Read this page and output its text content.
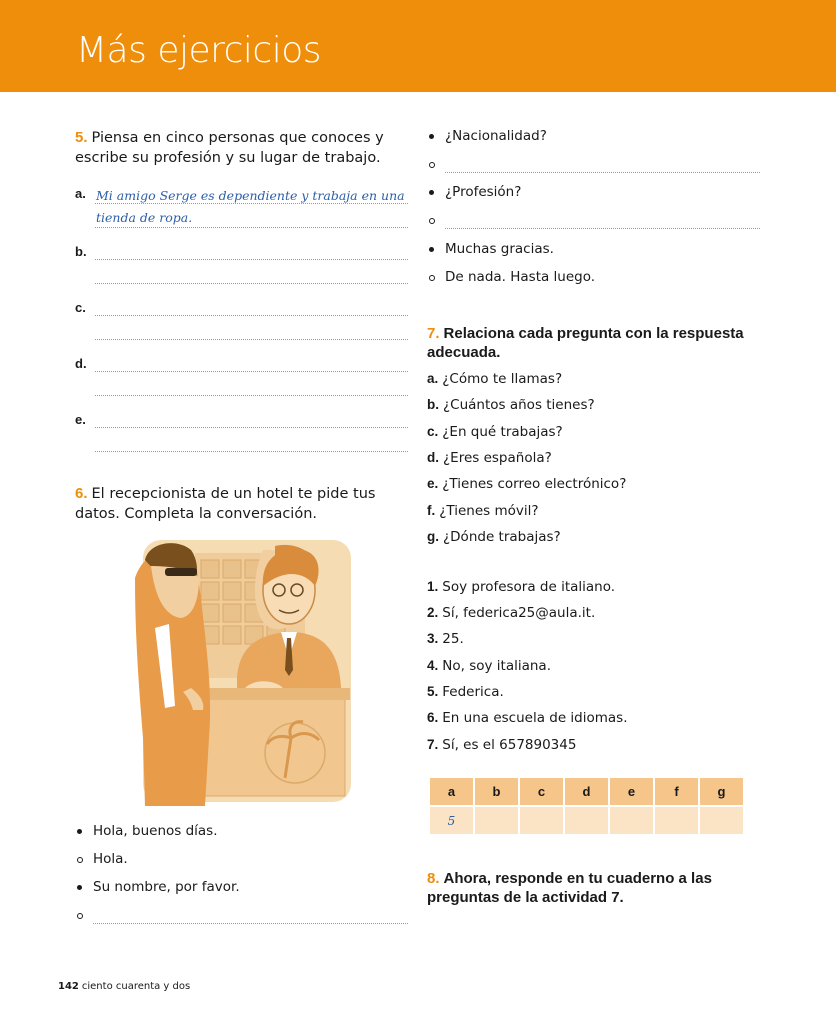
Más ejercicios

5. Piensa en cinco personas que conoces y escribe su profesión y su lugar de trabajo.

a. Mi amigo Serge es dependiente y trabaja en una tienda de ropa.
b.
c.
d.
e.

6. El recepcionista de un hotel te pide tus datos. Completa la conversación.

Hola, buenos días.
Hola.
Su nombre, por favor.
¿Nacionalidad?
¿Profesión?
Muchas gracias.
De nada. Hasta luego.

7. Relaciona cada pregunta con la respuesta adecuada.

a. ¿Cómo te llamas?
b. ¿Cuántos años tienes?
c. ¿En qué trabajas?
d. ¿Eres española?
e. ¿Tienes correo electrónico?
f. ¿Tienes móvil?
g. ¿Dónde trabajas?
1. Soy profesora de italiano.
2. Sí, federica25@aula.it.
3. 25.
4. No, soy italiana.
5. Federica.
6. En una escuela de idiomas.
7. Sí, es el 657890345

8. Ahora, responde en tu cuaderno a las preguntas de la actividad 7.

a	b	c	d	e	f	g
5						
142 ciento cuarenta y dos
